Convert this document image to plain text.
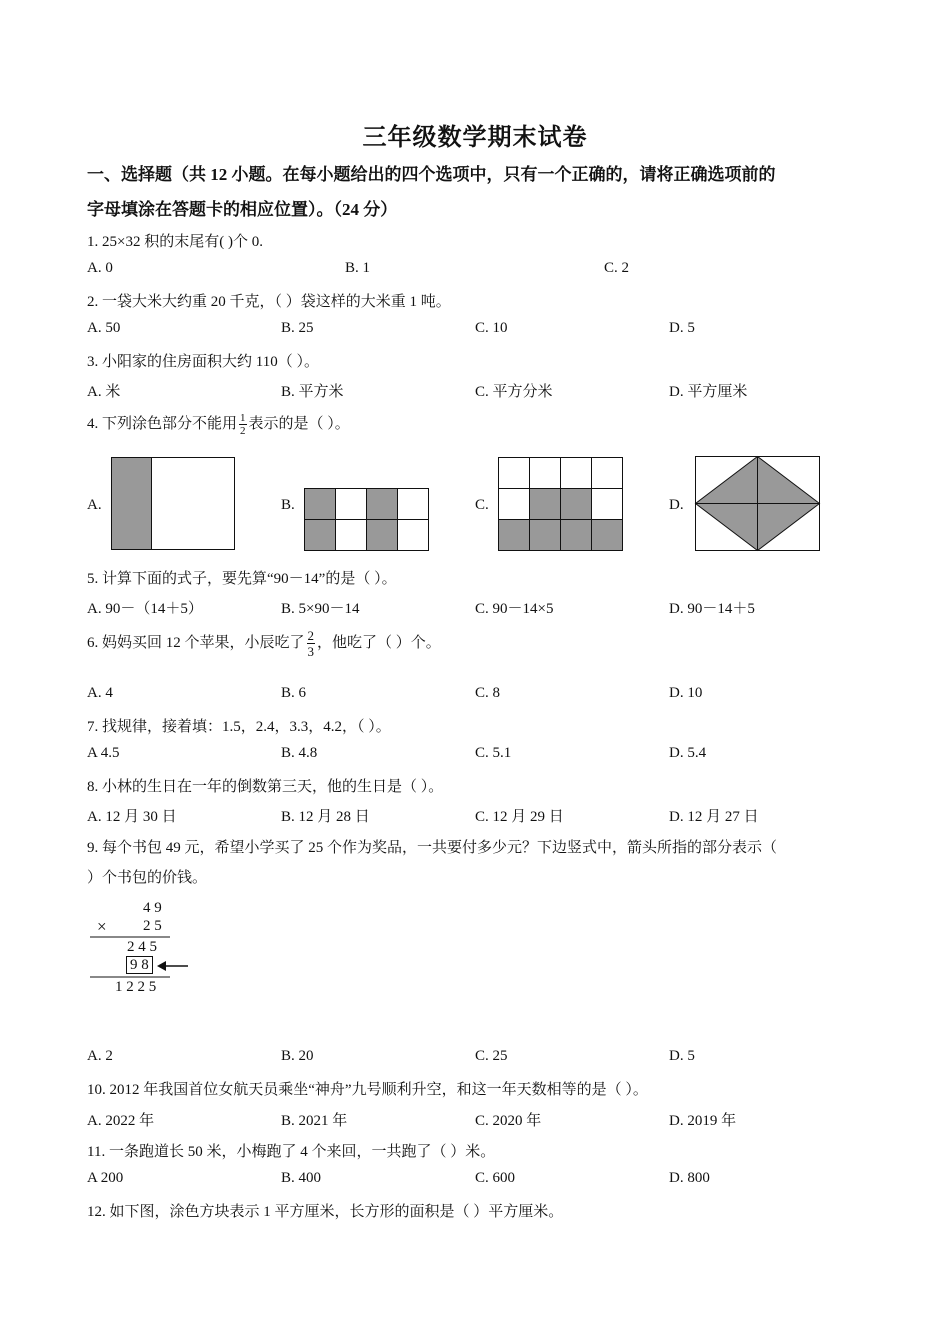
三年级数学期末试卷
一、选择题（共 12 小题。在每小题给出的四个选项中，只有一个正确的，请将正确选项前的
字母填涂在答题卡的相应位置）。（24 分）
1. 25×32 积的末尾有( )个 0.
A. 0	B. 1	C. 2
2. 一袋大米大约重 20 千克，（ ）袋这样的大米重 1 吨。
A. 50	B. 25	C. 10	D. 5
3. 小阳家的住房面积大约 110（ ）。
A. 米	B. 平方米	C. 平方分米	D. 平方厘米
4. 下列涂色部分不能用 $\frac{1}{2}$ 表示的是（ ）。
A.	B.	C.	D.
5. 计算下面的式子，要先算“90－14”的是（ ）。
A. 90－（14＋5）	B. 5×90－14	C. 90－14×5	D. 90－14＋5
6. 妈妈买回 12 个苹果，小辰吃了 $\frac{2}{3}$ ，他吃了（ ）个。
A. 4	B. 6	C. 8	D. 10
7. 找规律，接着填：1.5，2.4，3.3，4.2，（ ）。
A 4.5	B. 4.8	C. 5.1	D. 5.4
8. 小林的生日在一年的倒数第三天，他的生日是（ ）。
A. 12 月 30 日	B. 12 月 28 日	C. 12 月 29 日	D. 12 月 27 日
9. 每个书包 49 元，希望小学买了 25 个作为奖品，一共要付多少元？下边竖式中，箭头所指的部分表示（
）个书包的价钱。
4 9
× 2 5
2 4 5
9 8
1 2 2 5
A. 2	B. 20	C. 25	D. 5
10. 2012 年我国首位女航天员乘坐“神舟”九号顺利升空，和这一年天数相等的是（ ）。
A. 2022 年	B. 2021 年	C. 2020 年	D. 2019 年
11. 一条跑道长 50 米，小梅跑了 4 个来回，一共跑了（ ）米。
A 200	B. 400	C. 600	D. 800
12. 如下图，涂色方块表示 1 平方厘米，长方形的面积是（ ）平方厘米。
